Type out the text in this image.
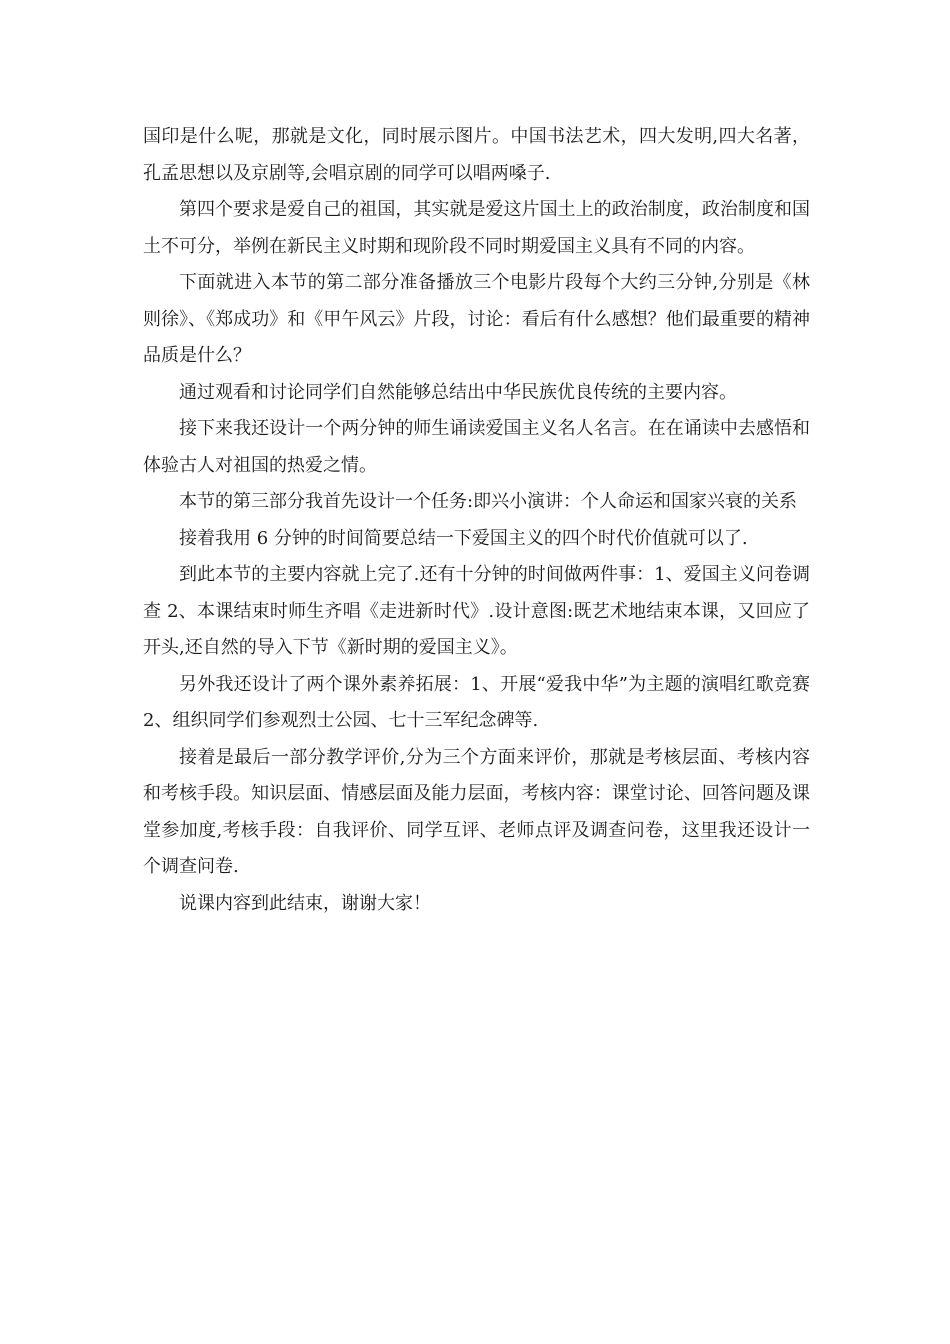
国印是什么呢，那就是文化，同时展示图片。中国书法艺术，四大发明,四大名著，孔孟思想以及京剧等,会唱京剧的同学可以唱两嗓子.

第四个要求是爱自己的祖国，其实就是爱这片国土上的政治制度，政治制度和国土不可分，举例在新民主义时期和现阶段不同时期爱国主义具有不同的内容。

下面就进入本节的第二部分准备播放三个电影片段每个大约三分钟,分别是《林则徐》、《郑成功》和《甲午风云》片段，讨论：看后有什么感想？他们最重要的精神品质是什么？

通过观看和讨论同学们自然能够总结出中华民族优良传统的主要内容。

接下来我还设计一个两分钟的师生诵读爱国主义名人名言。在在诵读中去感悟和体验古人对祖国的热爱之情。

本节的第三部分我首先设计一个任务:即兴小演讲：个人命运和国家兴衰的关系

接着我用 6 分钟的时间简要总结一下爱国主义的四个时代价值就可以了.

到此本节的主要内容就上完了.还有十分钟的时间做两件事：1、爱国主义问卷调查 2、本课结束时师生齐唱《走进新时代》.设计意图:既艺术地结束本课，又回应了开头,还自然的导入下节《新时期的爱国主义》。

另外我还设计了两个课外素养拓展：1、开展“爱我中华”为主题的演唱红歌竞赛 2、组织同学们参观烈士公园、七十三军纪念碑等.

接着是最后一部分教学评价,分为三个方面来评价，那就是考核层面、考核内容和考核手段。知识层面、情感层面及能力层面，考核内容：课堂讨论、回答问题及课堂参加度,考核手段：自我评价、同学互评、老师点评及调查问卷，这里我还设计一个调查问卷.

说课内容到此结束，谢谢大家！
